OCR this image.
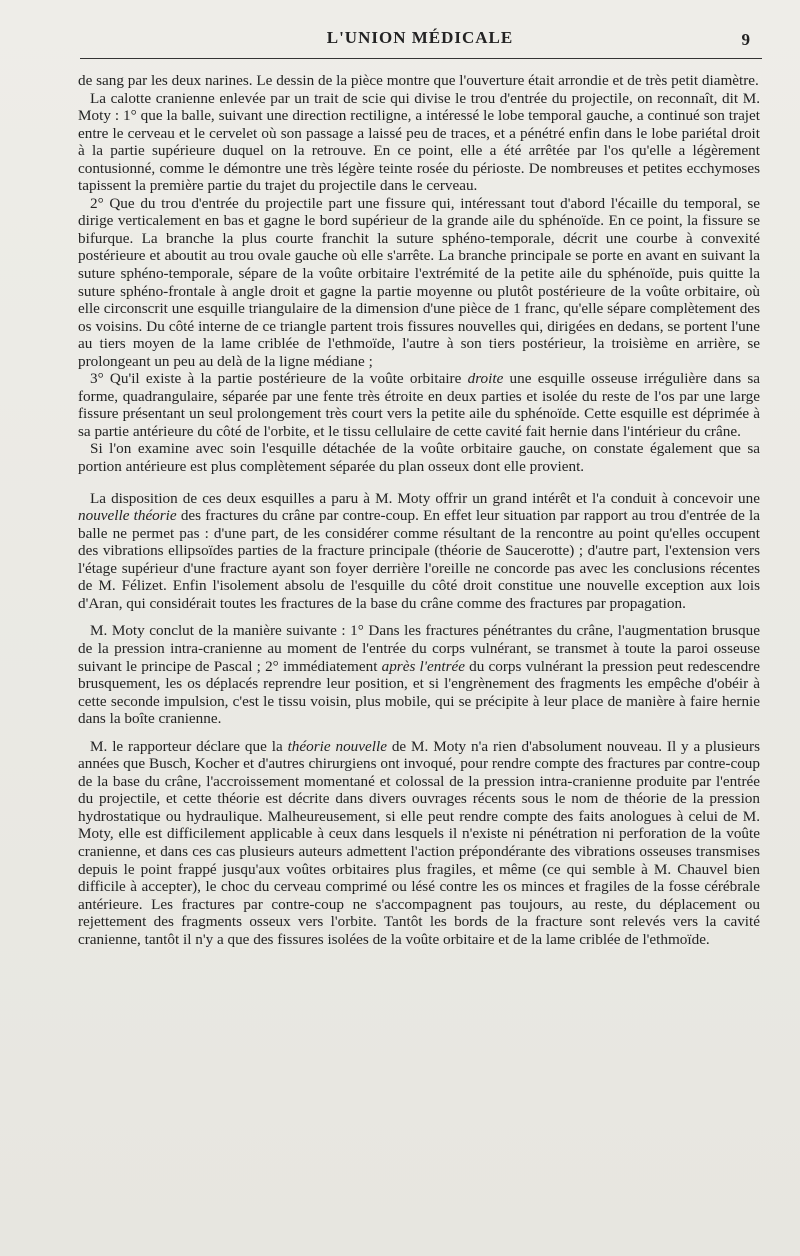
L'UNION MÉDICALE	9

de sang par les deux narines. Le dessin de la pièce montre que l'ouverture était arrondie et de très petit diamètre.

La calotte cranienne enlevée par un trait de scie qui divise le trou d'entrée du projectile, on reconnaît, dit M. Moty : 1° que la balle, suivant une direction rectiligne, a intéressé le lobe temporal gauche, a continué son trajet entre le cerveau et le cervelet où son passage a laissé peu de traces, et a pénétré enfin dans le lobe pariétal droit à la partie supérieure duquel on la retrouve. En ce point, elle a été arrêtée par l'os qu'elle a légèrement contusionné, comme le démontre une très légère teinte rosée du périoste. De nombreuses et petites ecchymoses tapissent la première partie du trajet du projectile dans le cerveau.

2° Que du trou d'entrée du projectile part une fissure qui, intéressant tout d'abord l'écaille du temporal, se dirige verticalement en bas et gagne le bord supérieur de la grande aile du sphénoïde. En ce point, la fissure se bifurque. La branche la plus courte franchit la suture sphéno-temporale, décrit une courbe à convexité postérieure et aboutit au trou ovale gauche où elle s'arrête. La branche principale se porte en avant en suivant la suture sphéno-temporale, sépare de la voûte orbitaire l'extrémité de la petite aile du sphénoïde, puis quitte la suture sphéno-frontale à angle droit et gagne la partie moyenne ou plutôt postérieure de la voûte orbitaire, où elle circonscrit une esquille triangulaire de la dimension d'une pièce de 1 franc, qu'elle sépare complètement des os voisins. Du côté interne de ce triangle partent trois fissures nouvelles qui, dirigées en dedans, se portent l'une au tiers moyen de la lame criblée de l'ethmoïde, l'autre à son tiers postérieur, la troisième en arrière, se prolongeant un peu au delà de la ligne médiane ;

3° Qu'il existe à la partie postérieure de la voûte orbitaire droite une esquille osseuse irrégulière dans sa forme, quadrangulaire, séparée par une fente très étroite en deux parties et isolée du reste de l'os par une large fissure présentant un seul prolongement très court vers la petite aile du sphénoïde. Cette esquille est déprimée à sa partie antérieure du côté de l'orbite, et le tissu cellulaire de cette cavité fait hernie dans l'intérieur du crâne.

Si l'on examine avec soin l'esquille détachée de la voûte orbitaire gauche, on constate également que sa portion antérieure est plus complètement séparée du plan osseux dont elle provient.

La disposition de ces deux esquilles a paru à M. Moty offrir un grand intérêt et l'a conduit à concevoir une nouvelle théorie des fractures du crâne par contre-coup. En effet leur situation par rapport au trou d'entrée de la balle ne permet pas : d'une part, de les considérer comme résultant de la rencontre au point qu'elles occupent des vibrations ellipsoïdes parties de la fracture principale (théorie de Saucerotte) ; d'autre part, l'extension vers l'étage supérieur d'une fracture ayant son foyer derrière l'oreille ne concorde pas avec les conclusions récentes de M. Félizet. Enfin l'isolement absolu de l'esquille du côté droit constitue une nouvelle exception aux lois d'Aran, qui considérait toutes les fractures de la base du crâne comme des fractures par propagation.

M. Moty conclut de la manière suivante : 1° Dans les fractures pénétrantes du crâne, l'augmentation brusque de la pression intra-cranienne au moment de l'entrée du corps vulnérant, se transmet à toute la paroi osseuse suivant le principe de Pascal ; 2° immédiatement après l'entrée du corps vulnérant la pression peut redescendre brusquement, les os déplacés reprendre leur position, et si l'engrènement des fragments les empêche d'obéir à cette seconde impulsion, c'est le tissu voisin, plus mobile, qui se précipite à leur place de manière à faire hernie dans la boîte cranienne.

M. le rapporteur déclare que la théorie nouvelle de M. Moty n'a rien d'absolument nouveau. Il y a plusieurs années que Busch, Kocher et d'autres chirurgiens ont invoqué, pour rendre compte des fractures par contre-coup de la base du crâne, l'accroissement momentané et colossal de la pression intra-cranienne produite par l'entrée du projectile, et cette théorie est décrite dans divers ouvrages récents sous le nom de théorie de la pression hydrostatique ou hydraulique. Malheureusement, si elle peut rendre compte des faits anologues à celui de M. Moty, elle est difficilement applicable à ceux dans lesquels il n'existe ni pénétration ni perforation de la voûte cranienne, et dans ces cas plusieurs auteurs admettent l'action prépondérante des vibrations osseuses transmises depuis le point frappé jusqu'aux voûtes orbitaires plus fragiles, et même (ce qui semble à M. Chauvel bien difficile à accepter), le choc du cerveau comprimé ou lésé contre les os minces et fragiles de la fosse cérébrale antérieure. Les fractures par contre-coup ne s'accompagnent pas toujours, au reste, du déplacement ou rejettement des fragments osseux vers l'orbite. Tantôt les bords de la fracture sont relevés vers la cavité cranienne, tantôt il n'y a que des fissures isolées de la voûte orbitaire et de la lame criblée de l'ethmoïde.
